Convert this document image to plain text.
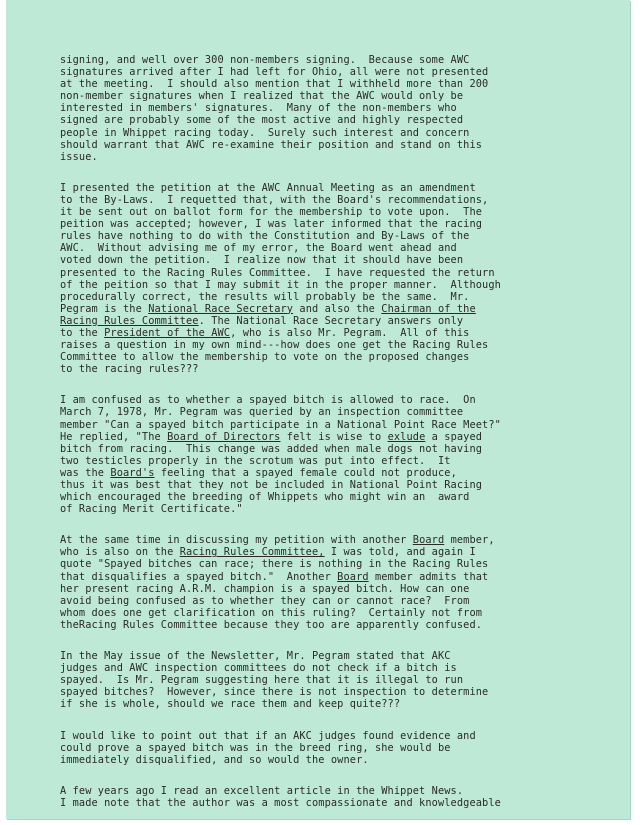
signing, and well over 300 non-members signing.  Because some AWC
signatures arrived after I had left for Ohio, all were not presented
at the meeting.  I should also mention that I withheld more than 200
non-member signatures when I realized that the AWC would only be
interested in members' signatures.  Many of the non-members who
signed are probably some of the most active and highly respected
people in Whippet racing today.  Surely such interest and concern
should warrant that AWC re-examine their position and stand on this
issue.
I presented the petition at the AWC Annual Meeting as an amendment
to the By-Laws.  I requetted that, with the Board's recommendations,
it be sent out on ballot form for the membership to vote upon.  The
peition was accepted; however, I was later informed that the racing
rules have nothing to do with the Constitution and By-Laws of the
AWC.  Without advising me of my error, the Board went ahead and
voted down the petition.  I realize now that it should have been
presented to the Racing Rules Committee.  I have requested the return
of the peition so that I may submit it in the proper manner.  Although
procedurally correct, the results will probably be the same.  Mr.
Pegram is the National Race Secretary and also the Chairman of the
Racing Rules Committee. The National Race Secretary answers only
to the President of the AWC, who is also Mr. Pegram.  All of this
raises a question in my own mind---how does one get the Racing Rules
Committee to allow the membership to vote on the proposed changes
to the racing rules???
I am confused as to whether a spayed bitch is allowed to race.  On
March 7, 1978, Mr. Pegram was queried by an inspection committee
member "Can a spayed bitch participate in a National Point Race Meet?"
He replied, "The Board of Directors felt is wise to exlude a spayed
bitch from racing.  This change was added when male dogs not having
two testicles properly in the scrotum was put into effect.  It
was the Board's feeling that a spayed female could not produce,
thus it was best that they not be included in National Point Racing
which encouraged the breeding of Whippets who might win an  award
of Racing Merit Certificate."
At the same time in discussing my petition with another Board member,
who is also on the Racing Rules Committee, I was told, and again I
quote "Spayed bitches can race; there is nothing in the Racing Rules
that disqualifies a spayed bitch."  Another Board member admits that
her present racing A.R.M. champion is a spayed bitch. How can one
avoid being confused as to whether they can or cannot race?  From
whom does one get clarification on this ruling?  Certainly not from
theRacing Rules Committee because they too are apparently confused.
In the May issue of the Newsletter, Mr. Pegram stated that AKC
judges and AWC inspection committees do not check if a bitch is
spayed.  Is Mr. Pegram suggesting here that it is illegal to run
spayed bitches?  However, since there is not inspection to determine
if she is whole, should we race them and keep quite???
I would like to point out that if an AKC judges found evidence and
could prove a spayed bitch was in the breed ring, she would be
immediately disqualified, and so would the owner.
A few years ago I read an excellent article in the Whippet News.
I made note that the author was a most compassionate and knowledgeable
